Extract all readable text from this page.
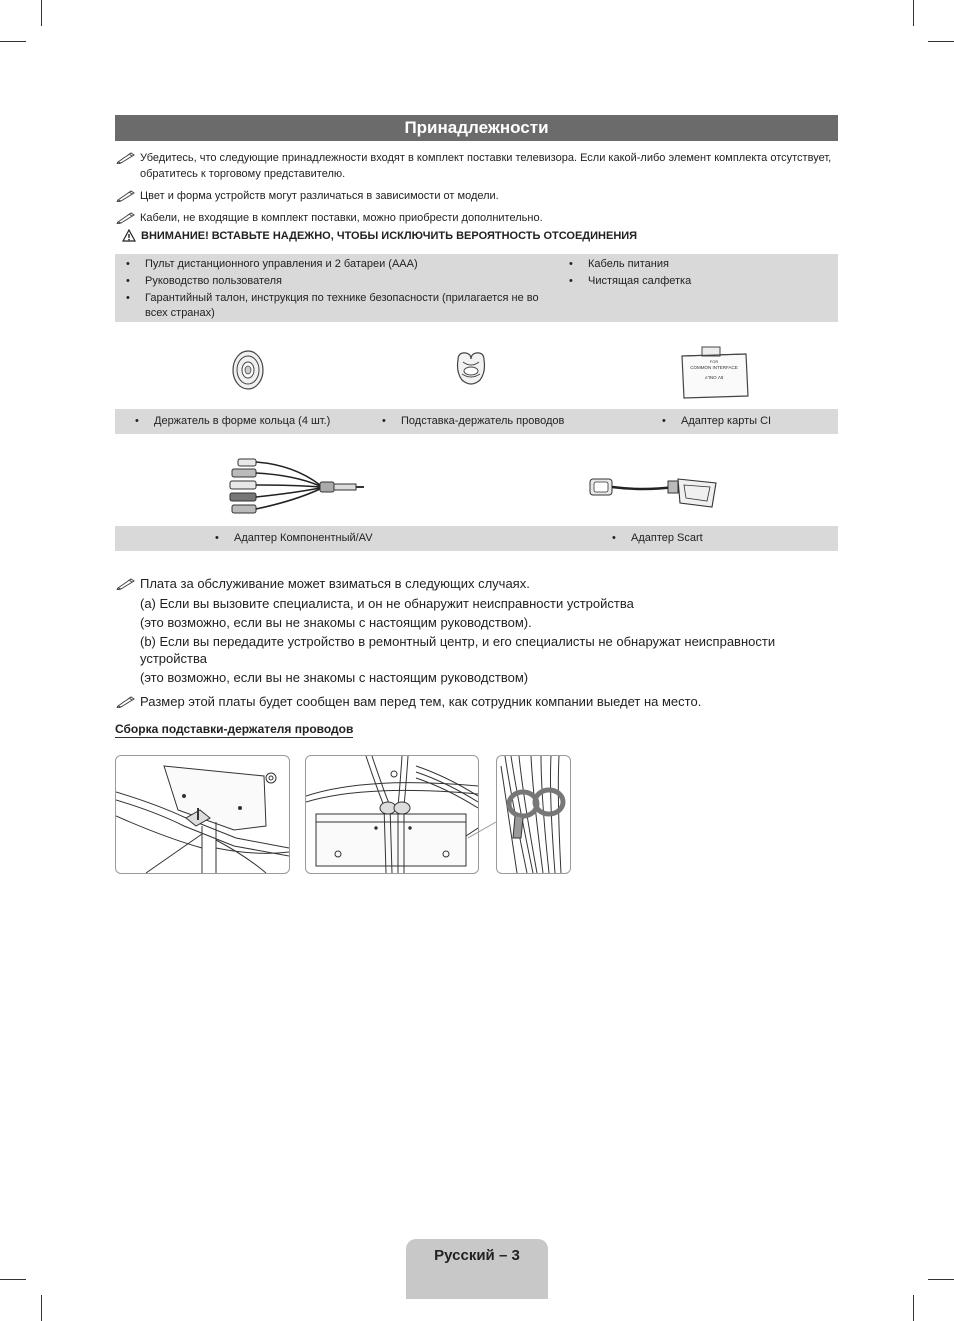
Принадлежности
Убедитесь, что следующие принадлежности входят в комплект поставки телевизора. Если какой-либо элемент комплекта отсутствует, обратитесь к торговому представителю.
Цвет и форма устройств могут различаться в зависимости от модели.
Кабели, не входящие в комплект поставки, можно приобрести дополнительно.
ВНИМАНИЕ! ВСТАВЬТЕ НАДЕЖНО, ЧТОБЫ ИСКЛЮЧИТЬ ВЕРОЯТНОСТЬ ОТСОЕДИНЕНИЯ
• Пульт дистанционного управления и 2 батареи (AAA)
• Руководство пользователя
• Гарантийный талон, инструкция по технике безопасности (прилагается не во всех странах)
• Кабель питания
• Чистящая салфетка
FOR
COMMON INTERFACE
5V ONLY
• Держатель в форме кольца (4 шт.)	• Подставка-держатель проводов	• Адаптер карты CI
• Адаптер Компонентный/AV	• Адаптер Scart
Плата за обслуживание может взиматься в следующих случаях.
(a) Если вы вызовите специалиста, и он не обнаружит неисправности устройства
(это возможно, если вы не знакомы с настоящим руководством).
(b) Если вы передадите устройство в ремонтный центр, и его специалисты не обнаружат неисправности устройства
(это возможно, если вы не знакомы с настоящим руководством)
Размер этой платы будет сообщен вам перед тем, как сотрудник компании выедет на место.
Сборка подставки-держателя проводов
Русский – 3
